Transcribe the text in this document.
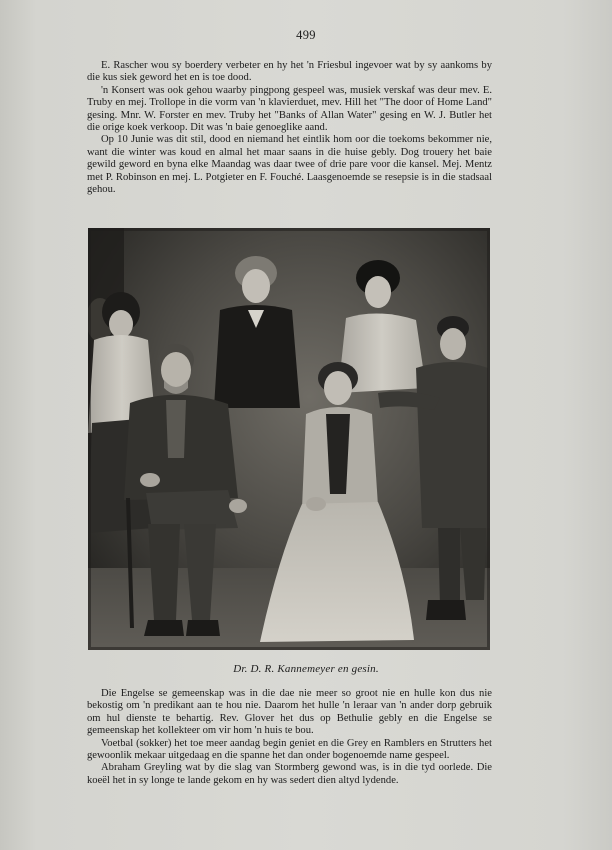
499

E. Rascher wou sy boerdery verbeter en hy het 'n Friesbul ingevoer wat by sy aankoms by die kus siek geword het en is toe dood.

'n Konsert was ook gehou waarby pingpong gespeel was, musiek verskaf was deur mev. E. Truby en mej. Trollope in die vorm van 'n klavierduet, mev. Hill het "The door of Home Land" gesing. Mnr. W. Forster en mev. Truby het "Banks of Allan Water" gesing en W. J. Butler het die orige koek verkoop. Dit was 'n baie genoeglike aand.

Op 10 Junie was dit stil, dood en niemand het eintlik hom oor die toekoms bekommer nie, want die winter was koud en almal het maar saans in die huise gebly. Dog trouery het baie gewild geword en byna elke Maandag was daar twee of drie pare voor die kansel. Mej. Mentz met P. Robinson en mej. L. Potgieter en F. Fouché. Laasgenoemde se resepsie is in die stadsaal gehou.

Dr. D. R. Kannemeyer en gesin.

Die Engelse se gemeenskap was in die dae nie meer so groot nie en hulle kon dus nie bekostig om 'n predikant aan te hou nie. Daarom het hulle 'n leraar van 'n ander dorp gebruik om hul dienste te behartig. Rev. Glover het dus op Bethulie gebly en die Engelse se gemeenskap het kollekteer om vir hom 'n huis te bou.

Voetbal (sokker) het toe meer aandag begin geniet en die Grey en Ramblers en Strutters het gewoonlik mekaar uitgedaag en die spanne het dan onder bogenoemde name gespeel.

Abraham Greyling wat by die slag van Stormberg gewond was, is in die tyd oorlede. Die koeël het in sy longe te lande gekom en hy was sedert dien altyd lydende.
